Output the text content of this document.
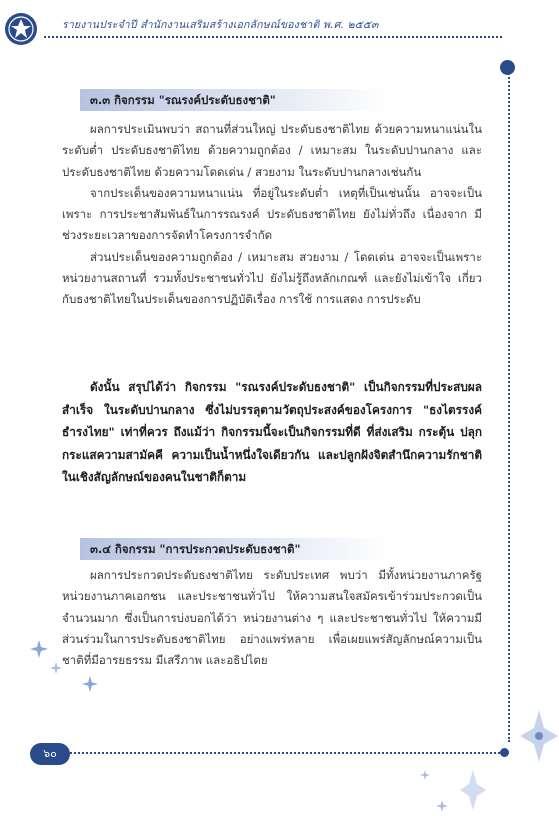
รายงานประจำปี สำนักงานเสริมสร้างเอกลักษณ์ของชาติ พ.ศ. ๒๕๕๓
๖๐
๓.๓ กิจกรรม "รณรงค์ประดับธงชาติ"

ผลการประเมินพบว่า สถานที่ส่วนใหญ่ ประดับธงชาติไทย ด้วยความหนาแน่นในระดับต่ำ ประดับธงชาติไทย ด้วยความถูกต้อง / เหมาะสม ในระดับปานกลาง และประดับธงชาติไทย ด้วยความโดดเด่น / สวยงาม ในระดับปานกลางเช่นกัน

จากประเด็นของความหนาแน่น ที่อยู่ในระดับต่ำ เหตุที่เป็นเช่นนั้น อาจจะเป็นเพราะ การประชาสัมพันธ์ในการรณรงค์ ประดับธงชาติไทย ยังไม่ทั่วถึง เนื่องจาก มีช่วงระยะเวลาของการจัดทำโครงการจำกัด

ส่วนประเด็นของความถูกต้อง / เหมาะสม สวยงาม / โดดเด่น อาจจะเป็นเพราะ หน่วยงานสถานที่ รวมทั้งประชาชนทั่วไป ยังไม่รู้ถึงหลักเกณฑ์ และยังไม่เข้าใจ เกี่ยวกับธงชาติไทยในประเด็นของการปฏิบัติเรื่อง การใช้ การแสดง การประดับ

ดังนั้น สรุปได้ว่า กิจกรรม "รณรงค์ประดับธงชาติ" เป็นกิจกรรมที่ประสบผลสำเร็จ ในระดับปานกลาง ซึ่งไม่บรรลุตามวัตถุประสงค์ของโครงการ "ธงไตรรงค์ ธำรงไทย" เท่าที่ควร ถึงแม้ว่า กิจกรรมนี้จะเป็นกิจกรรมที่ดี ที่ส่งเสริม กระตุ้น ปลุกกระแสความสามัคคี ความเป็นน้ำหนึ่งใจเดียวกัน และปลูกฝังจิตสำนึกความรักชาติ ในเชิงสัญลักษณ์ของคนในชาติก็ตาม

๓.๔ กิจกรรม "การประกวดประดับธงชาติ"

ผลการประกวดประดับธงชาติไทย ระดับประเทศ พบว่า มีทั้งหน่วยงานภาครัฐ หน่วยงานภาคเอกชน และประชาชนทั่วไป ให้ความสนใจสมัครเข้าร่วมประกวดเป็นจำนวนมาก ซึ่งเป็นการบ่งบอกได้ว่า หน่วยงานต่าง ๆ และประชาชนทั่วไป ให้ความมีส่วนร่วมในการประดับธงชาติไทย อย่างแพร่หลาย เพื่อเผยแพร่สัญลักษณ์ความเป็นชาติที่มีอารยธรรม มีเสรีภาพ และอธิปไตย
